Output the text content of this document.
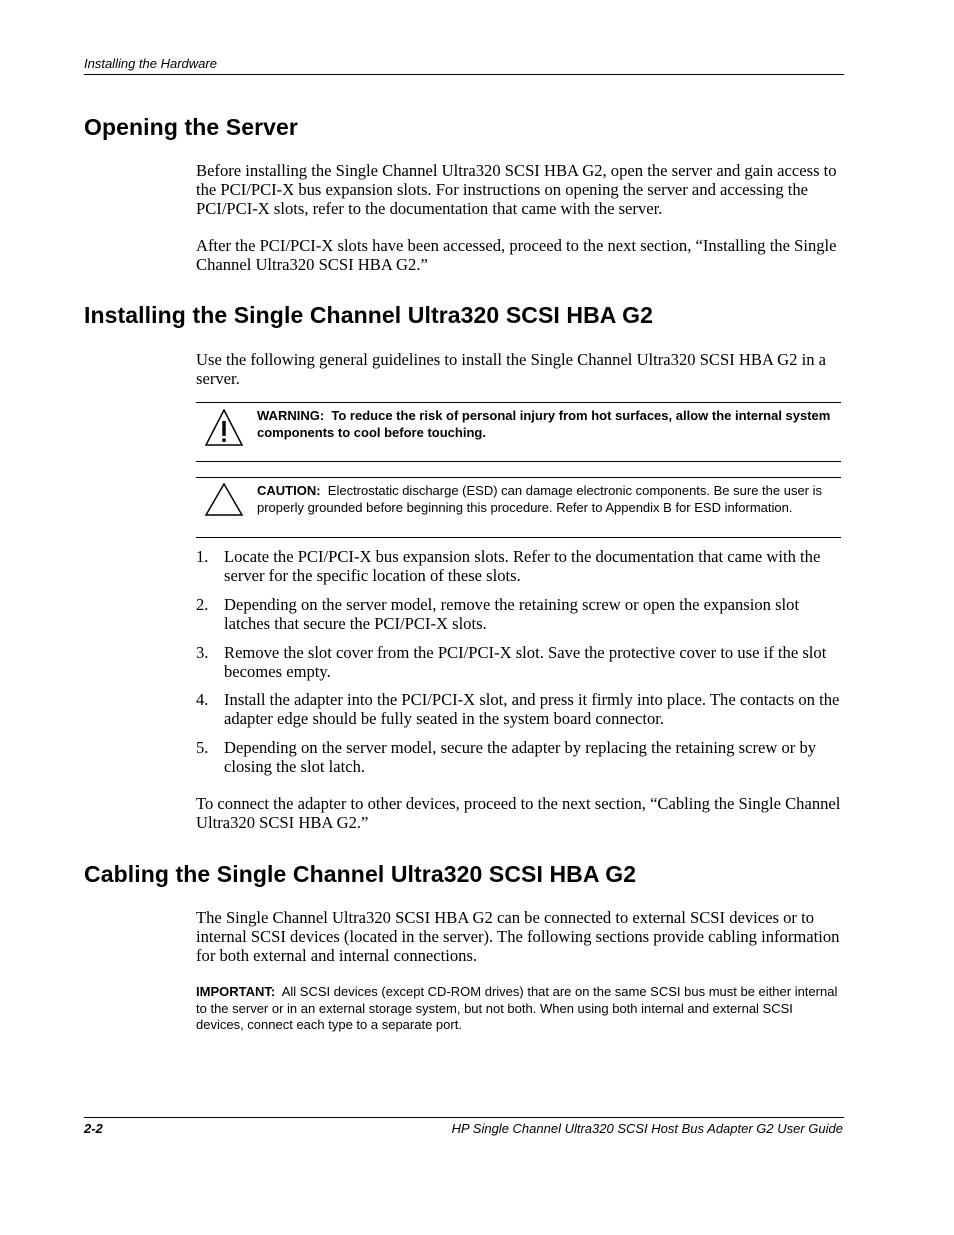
Installing the Hardware
Opening the Server

Before installing the Single Channel Ultra320 SCSI HBA G2, open the server and gain access to the PCI/PCI-X bus expansion slots. For instructions on opening the server and accessing the PCI/PCI-X slots, refer to the documentation that came with the server.

After the PCI/PCI-X slots have been accessed, proceed to the next section, “Installing the Single Channel Ultra320 SCSI HBA G2.”

Installing the Single Channel Ultra320 SCSI HBA G2

Use the following general guidelines to install the Single Channel Ultra320 SCSI HBA G2 in a server.

WARNING: To reduce the risk of personal injury from hot surfaces, allow the internal system components to cool before touching.
CAUTION: Electrostatic discharge (ESD) can damage electronic components. Be sure the user is properly grounded before beginning this procedure. Refer to Appendix B for ESD information.
1. Locate the PCI/PCI-X bus expansion slots. Refer to the documentation that came with the server for the specific location of these slots.
2. Depending on the server model, remove the retaining screw or open the expansion slot latches that secure the PCI/PCI-X slots.
3. Remove the slot cover from the PCI/PCI-X slot. Save the protective cover to use if the slot becomes empty.
4. Install the adapter into the PCI/PCI-X slot, and press it firmly into place. The contacts on the adapter edge should be fully seated in the system board connector.
5. Depending on the server model, secure the adapter by replacing the retaining screw or by closing the slot latch.

To connect the adapter to other devices, proceed to the next section, “Cabling the Single Channel Ultra320 SCSI HBA G2.”

Cabling the Single Channel Ultra320 SCSI HBA G2

The Single Channel Ultra320 SCSI HBA G2 can be connected to external SCSI devices or to internal SCSI devices (located in the server). The following sections provide cabling information for both external and internal connections.

IMPORTANT: All SCSI devices (except CD-ROM drives) that are on the same SCSI bus must be either internal to the server or in an external storage system, but not both. When using both internal and external SCSI devices, connect each type to a separate port.
2-2	HP Single Channel Ultra320 SCSI Host Bus Adapter G2 User Guide
